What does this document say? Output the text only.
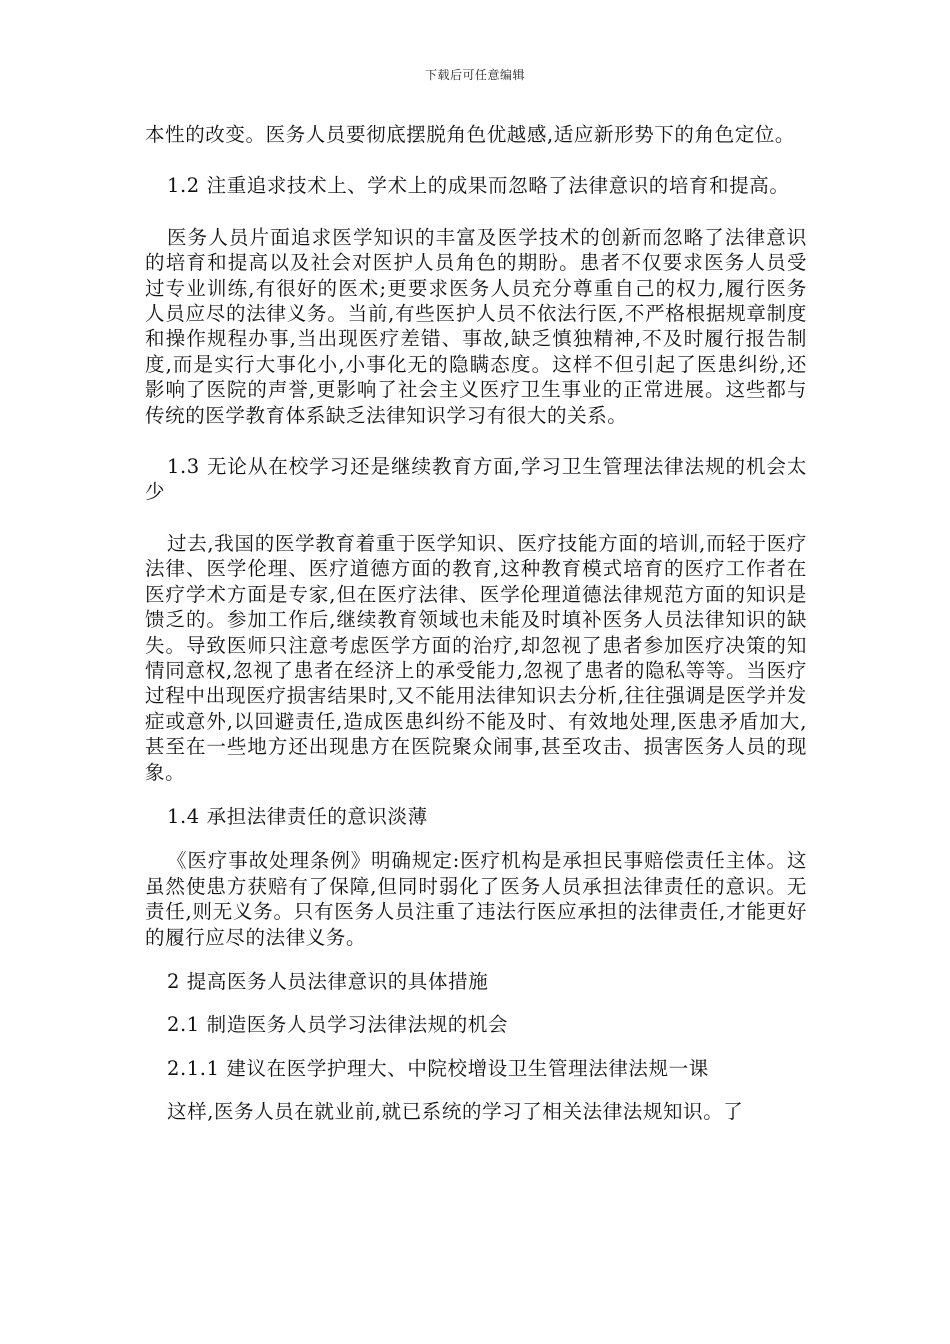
下载后可任意编辑

本性的改变。医务人员要彻底摆脱角色优越感,适应新形势下的角色定位。

1.2 注重追求技术上、学术上的成果而忽略了法律意识的培育和提高。

医务人员片面追求医学知识的丰富及医学技术的创新而忽略了法律意识的培育和提高以及社会对医护人员角色的期盼。患者不仅要求医务人员受过专业训练,有很好的医术;更要求医务人员充分尊重自己的权力,履行医务人员应尽的法律义务。当前,有些医护人员不依法行医,不严格根据规章制度和操作规程办事,当出现医疗差错、事故,缺乏慎独精神,不及时履行报告制度,而是实行大事化小,小事化无的隐瞒态度。这样不但引起了医患纠纷,还影响了医院的声誉,更影响了社会主义医疗卫生事业的正常进展。这些都与传统的医学教育体系缺乏法律知识学习有很大的关系。

1.3 无论从在校学习还是继续教育方面,学习卫生管理法律法规的机会太少

过去,我国的医学教育着重于医学知识、医疗技能方面的培训,而轻于医疗法律、医学伦理、医疗道德方面的教育,这种教育模式培育的医疗工作者在医疗学术方面是专家,但在医疗法律、医学伦理道德法律规范方面的知识是馈乏的。参加工作后,继续教育领域也未能及时填补医务人员法律知识的缺失。导致医师只注意考虑医学方面的治疗,却忽视了患者参加医疗决策的知情同意权,忽视了患者在经济上的承受能力,忽视了患者的隐私等等。当医疗过程中出现医疗损害结果时,又不能用法律知识去分析,往往强调是医学并发症或意外,以回避责任,造成医患纠纷不能及时、有效地处理,医患矛盾加大,甚至在一些地方还出现患方在医院聚众闹事,甚至攻击、损害医务人员的现象。

1.4 承担法律责任的意识淡薄

《医疗事故处理条例》明确规定:医疗机构是承担民事赔偿责任主体。这虽然使患方获赔有了保障,但同时弱化了医务人员承担法律责任的意识。无责任,则无义务。只有医务人员注重了违法行医应承担的法律责任,才能更好的履行应尽的法律义务。

2 提高医务人员法律意识的具体措施

2.1 制造医务人员学习法律法规的机会

2.1.1 建议在医学护理大、中院校增设卫生管理法律法规一课

这样,医务人员在就业前,就已系统的学习了相关法律法规知识。了
